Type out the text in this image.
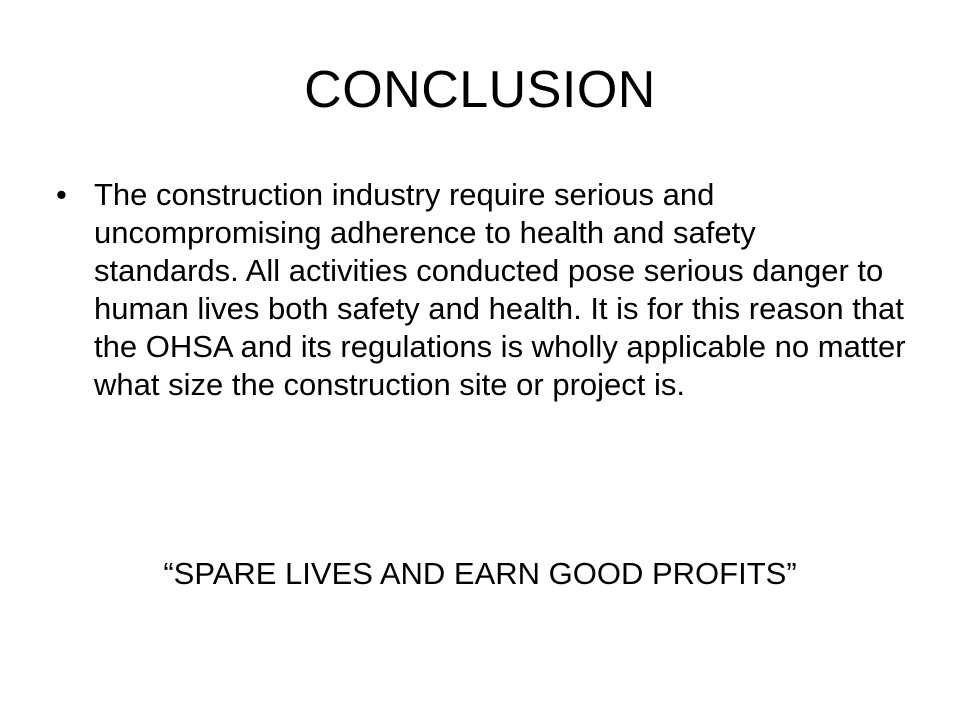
CONCLUSION
• The construction industry require serious and uncompromising adherence to health and safety standards. All activities conducted pose serious danger to human lives both safety and health. It is for this reason that the OHSA and its regulations is wholly applicable no matter what size the construction site or project is.
“SPARE LIVES AND EARN GOOD PROFITS”
